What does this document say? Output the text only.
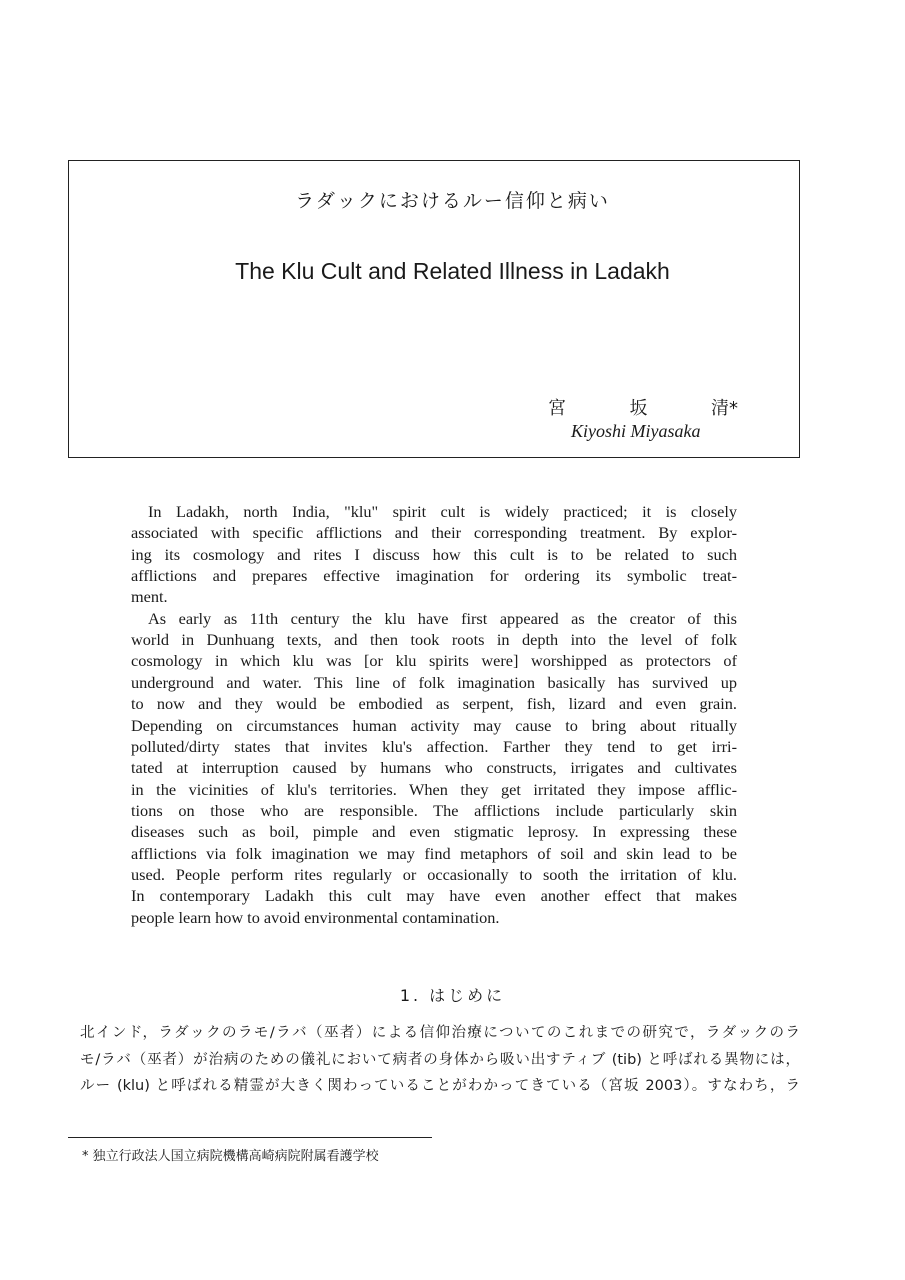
ラダックにおけるルー信仰と病い
The Klu Cult and Related Illness in Ladakh
宮	坂	清*
Kiyoshi Miyasaka
In Ladakh, north India, "klu" spirit cult is widely practiced; it is closely
associated with specific afflictions and their corresponding treatment. By explor-
ing its cosmology and rites I discuss how this cult is to be related to such
afflictions and prepares effective imagination for ordering its symbolic treat-
ment.
As early as 11th century the klu have first appeared as the creator of this
world in Dunhuang texts, and then took roots in depth into the level of folk
cosmology in which klu was [or klu spirits were] worshipped as protectors of
underground and water. This line of folk imagination basically has survived up
to now and they would be embodied as serpent, fish, lizard and even grain.
Depending on circumstances human activity may cause to bring about ritually
polluted/dirty states that invites klu's affection. Farther they tend to get irri-
tated at interruption caused by humans who constructs, irrigates and cultivates
in the vicinities of klu's territories. When they get irritated they impose afflic-
tions on those who are responsible. The afflictions include particularly skin
diseases such as boil, pimple and even stigmatic leprosy. In expressing these
afflictions via folk imagination we may find metaphors of soil and skin lead to be
used. People perform rites regularly or occasionally to sooth the irritation of klu.
In contemporary Ladakh this cult may have even another effect that makes
people learn how to avoid environmental contamination.
1. はじめに
北インド，ラダックのラモ/ラバ（巫者）による信仰治療についてのこれまでの研究で，ラダックのラ
モ/ラバ（巫者）が治病のための儀礼において病者の身体から吸い出すティブ (tib) と呼ばれる異物には，
ルー (klu) と呼ばれる精霊が大きく関わっていることがわかってきている（宮坂 2003）。すなわち，ラ
* 独立行政法人国立病院機構高崎病院附属看護学校
